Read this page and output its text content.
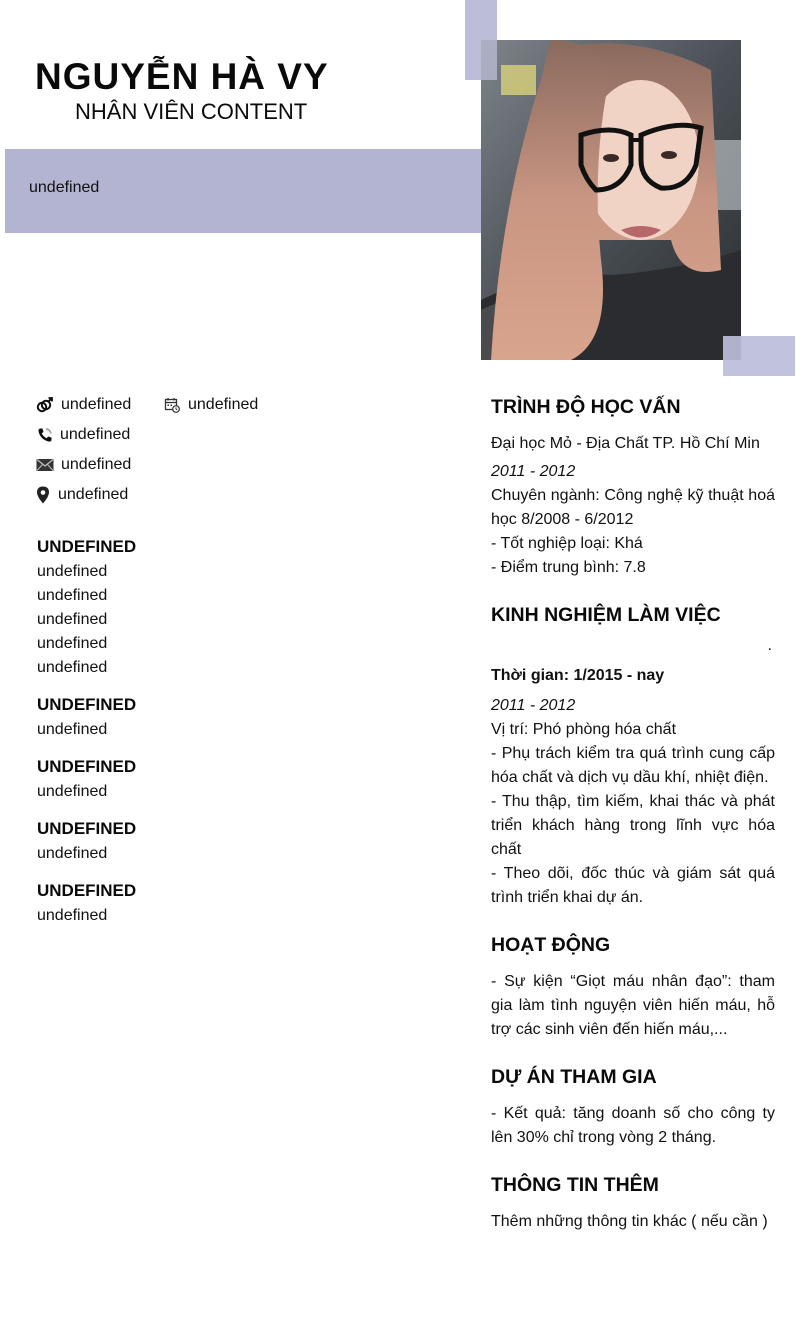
NGUYỄN HÀ VY
NHÂN VIÊN CONTENT
undefined
undefined	undefined
undefined
undefined
undefined
UNDEFINED

undefined

undefined

undefined

undefined

undefined

UNDEFINED

undefined

UNDEFINED

undefined

UNDEFINED

undefined

UNDEFINED

undefined

TRÌNH ĐỘ HỌC VẤN

Đại học Mỏ - Địa Chất TP. Hồ Chí Min

2011 - 2012

Chuyên ngành: Công nghệ kỹ thuật hoá học 8/2008 - 6/2012

- Tốt nghiệp loại: Khá

- Điểm trung bình: 7.8

KINH NGHIỆM LÀM VIỆC
.

Thời gian: 1/2015 - nay

2011 - 2012

Vị trí: Phó phòng hóa chất

- Phụ trách kiểm tra quá trình cung cấp hóa chất và dịch vụ dầu khí, nhiệt điện.

- Thu thập, tìm kiếm, khai thác và phát triển khách hàng trong lĩnh vực hóa chất

- Theo dõi, đốc thúc và giám sát quá trình triển khai dự án.

HOẠT ĐỘNG

- Sự kiện “Giọt máu nhân đạo”: tham gia làm tình nguyện viên hiến máu, hỗ trợ các sinh viên đến hiến máu,...

DỰ ÁN THAM GIA

- Kết quả: tăng doanh số cho công ty lên 30% chỉ trong vòng 2 tháng.

THÔNG TIN THÊM

Thêm những thông tin khác ( nếu cần )
